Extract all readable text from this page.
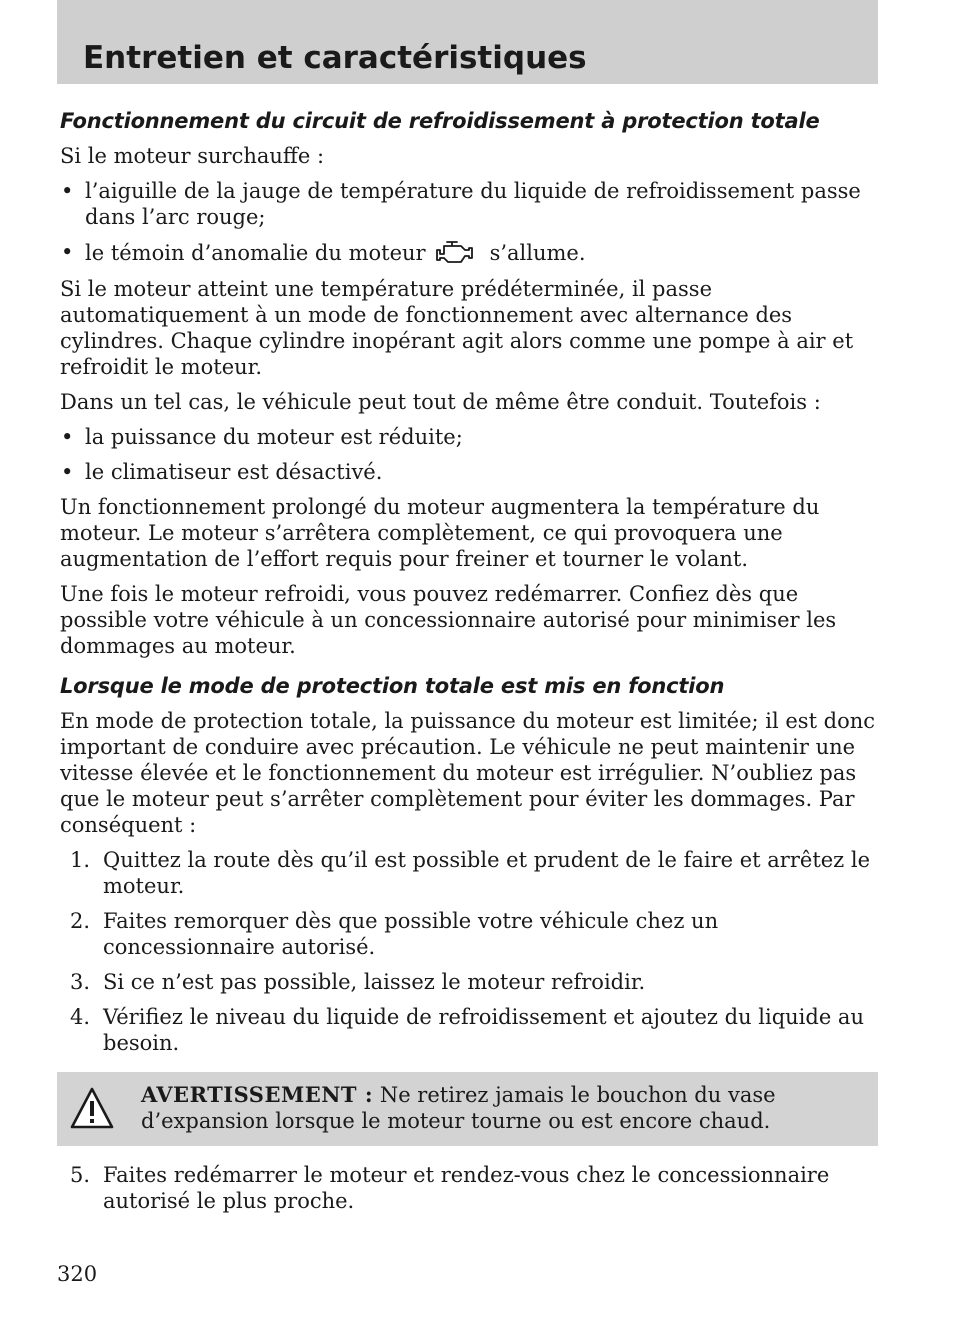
Entretien et caractéristiques
Fonctionnement du circuit de refroidissement à protection totale

Si le moteur surchauffe :

• l’aiguille de la jauge de température du liquide de refroidissement passe dans l’arc rouge;
• le témoin d’anomalie du moteur	s’allume.

Si le moteur atteint une température prédéterminée, il passe automatiquement à un mode de fonctionnement avec alternance des cylindres. Chaque cylindre inopérant agit alors comme une pompe à air et refroidit le moteur.

Dans un tel cas, le véhicule peut tout de même être conduit. Toutefois :

• la puissance du moteur est réduite;
• le climatiseur est désactivé.

Un fonctionnement prolongé du moteur augmentera la température du moteur. Le moteur s’arrêtera complètement, ce qui provoquera une augmentation de l’effort requis pour freiner et tourner le volant.

Une fois le moteur refroidi, vous pouvez redémarrer. Confiez dès que possible votre véhicule à un concessionnaire autorisé pour minimiser les dommages au moteur.

Lorsque le mode de protection totale est mis en fonction

En mode de protection totale, la puissance du moteur est limitée; il est donc important de conduire avec précaution. Le véhicule ne peut maintenir une vitesse élevée et le fonctionnement du moteur est irrégulier. N’oubliez pas que le moteur peut s’arrêter complètement pour éviter les dommages. Par conséquent :

1. Quittez la route dès qu’il est possible et prudent de le faire et arrêtez le moteur.
2. Faites remorquer dès que possible votre véhicule chez un concessionnaire autorisé.
3. Si ce n’est pas possible, laissez le moteur refroidir.
4. Vérifiez le niveau du liquide de refroidissement et ajoutez du liquide au besoin.
AVERTISSEMENT : Ne retirez jamais le bouchon du vase d’expansion lorsque le moteur tourne ou est encore chaud.
5. Faites redémarrer le moteur et rendez-vous chez le concessionnaire autorisé le plus proche.
320
